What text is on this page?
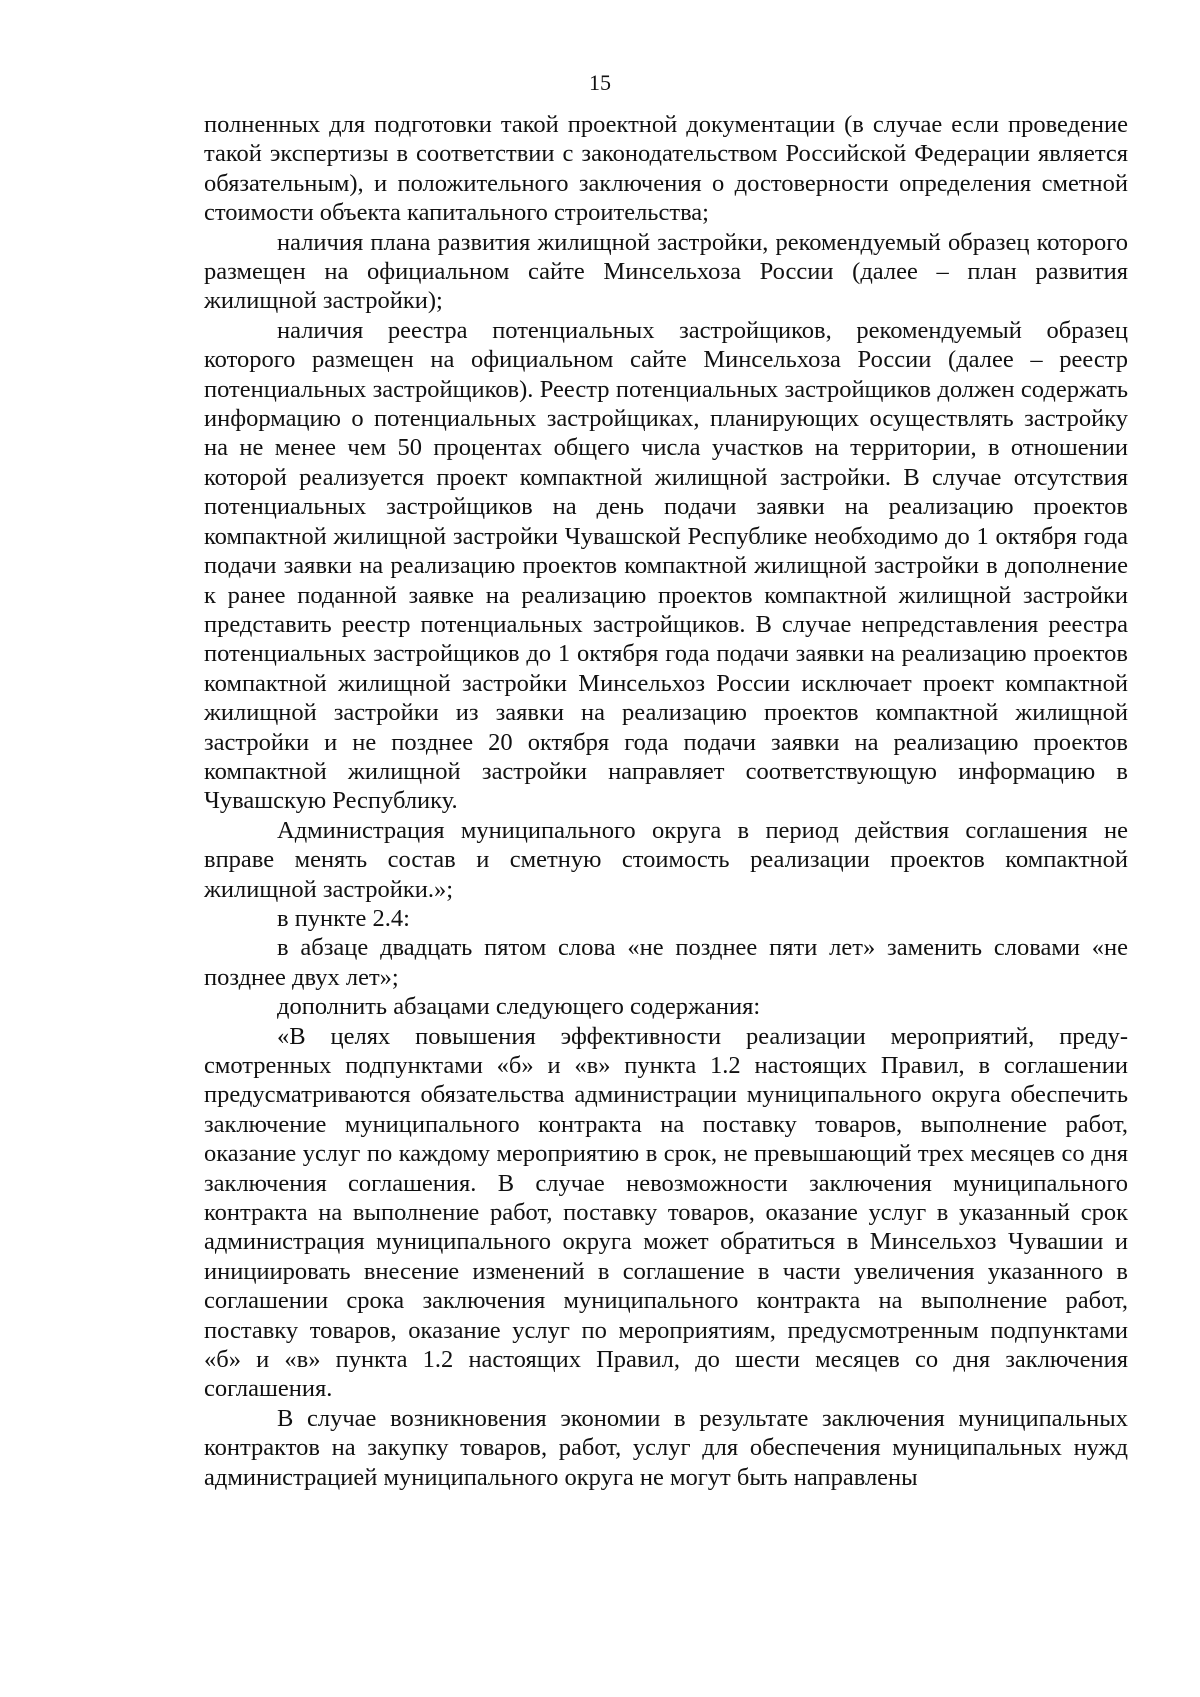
15

полненных для подготовки такой проектной документации (в случае если проведение такой экспертизы в соответствии с законодательством Российской Федерации является обязательным), и положительного заключения о достоверности определения сметной стоимости объекта капитального строительства;

наличия плана развития жилищной застройки, рекомендуемый образец которого размещен на официальном сайте Минсельхоза России (далее – план развития жилищной застройки);

наличия реестра потенциальных застройщиков, рекомендуемый образец которого размещен на официальном сайте Минсельхоза России (далее – реестр потенциальных застройщиков). Реестр потенциальных застройщиков должен содержать информацию о потенциальных застройщиках, планирующих осуществлять застройку на не менее чем 50 процентах общего числа участков на территории, в отношении которой реализуется проект компактной жилищной застройки. В случае отсутствия потенциальных застройщиков на день подачи заявки на реализацию проектов компактной жилищной застройки Чувашской Республике необходимо до 1 октября года подачи заявки на реализацию проектов компактной жилищной застройки в дополнение к ранее поданной заявке на реализацию проектов компактной жилищной застройки представить реестр потенциальных застройщиков. В случае непредставления реестра потенциальных застройщиков до 1 октября года подачи заявки на реализацию проектов компактной жилищной застройки Минсельхоз России исключает проект компактной жилищной застройки из заявки на реализацию проектов компактной жилищной застройки и не позднее 20 октября года подачи заявки на реализацию проектов компактной жилищной застройки направляет соответствующую информацию в Чувашскую Республику.

Администрация муниципального округа в период действия соглашения не вправе менять состав и сметную стоимость реализации проектов компактной жилищной застройки.»;

в пункте 2.4:

в абзаце двадцать пятом слова «не позднее пяти лет» заменить словами «не позднее двух лет»;

дополнить абзацами следующего содержания:

«В целях повышения эффективности реализации мероприятий, предусмотренных подпунктами «б» и «в» пункта 1.2 настоящих Правил, в соглашении предусматриваются обязательства администрации муниципального округа обеспечить заключение муниципального контракта на поставку товаров, выполнение работ, оказание услуг по каждому мероприятию в срок, не превышающий трех месяцев со дня заключения соглашения. В случае невозможности заключения муниципального контракта на выполнение работ, поставку товаров, оказание услуг в указанный срок администрация муниципального округа может обратиться в Минсельхоз Чувашии и инициировать внесение изменений в соглашение в части увеличения указанного в соглашении срока заключения муниципального контракта на выполнение работ, поставку товаров, оказание услуг по мероприятиям, предусмотренным подпунктами «б» и «в» пункта 1.2 настоящих Правил, до шести месяцев со дня заключения соглашения.

В случае возникновения экономии в результате заключения муниципальных контрактов на закупку товаров, работ, услуг для обеспечения муниципальных нужд администрацией муниципального округа не могут быть направлены
